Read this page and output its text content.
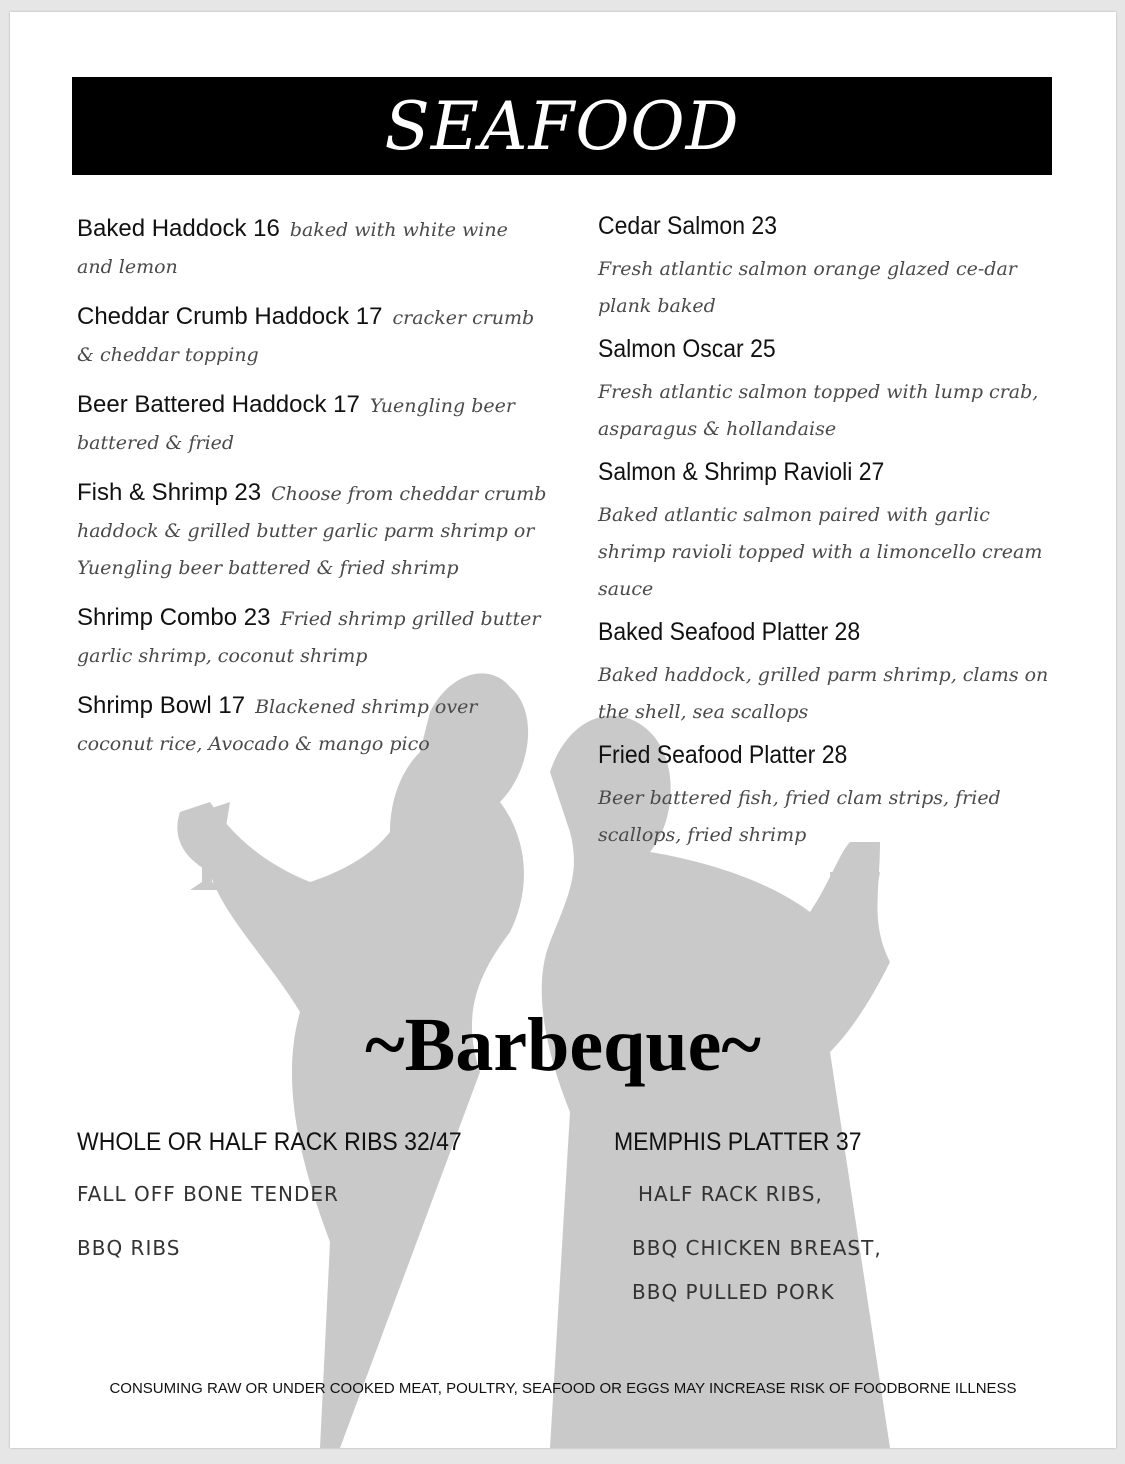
SEAFOOD
Baked Haddock 16 baked with white wine and lemon
Cheddar Crumb Haddock 17 cracker crumb & cheddar topping
Beer Battered Haddock 17 Yuengling beer battered & fried
Fish & Shrimp 23 Choose from cheddar crumb haddock & grilled butter garlic parm shrimp or Yuengling beer battered & fried shrimp
Shrimp Combo 23 Fried shrimp grilled butter garlic shrimp, coconut shrimp
Shrimp Bowl 17 Blackened shrimp over coconut rice, Avocado & mango pico
Cedar Salmon 23
Fresh atlantic salmon orange glazed ce-dar plank baked
Salmon Oscar 25
Fresh atlantic salmon topped with lump crab, asparagus & hollandaise
Salmon & Shrimp Ravioli 27
Baked atlantic salmon paired with garlic shrimp ravioli topped with a limoncello cream sauce
Baked Seafood Platter 28
Baked haddock, grilled parm shrimp, clams on the shell, sea scallops
Fried Seafood Platter 28
Beer battered fish, fried clam strips, fried scallops, fried shrimp
~Barbeque~
WHOLE OR HALF RACK RIBS 32/47
FALL OFF BONE TENDER
BBQ RIBS
MEMPHIS PLATTER 37
HALF RACK RIBS,
BBQ CHICKEN BREAST,
BBQ PULLED PORK
CONSUMING RAW OR UNDER COOKED MEAT, POULTRY, SEAFOOD OR EGGS MAY INCREASE RISK OF FOODBORNE ILLNESS
